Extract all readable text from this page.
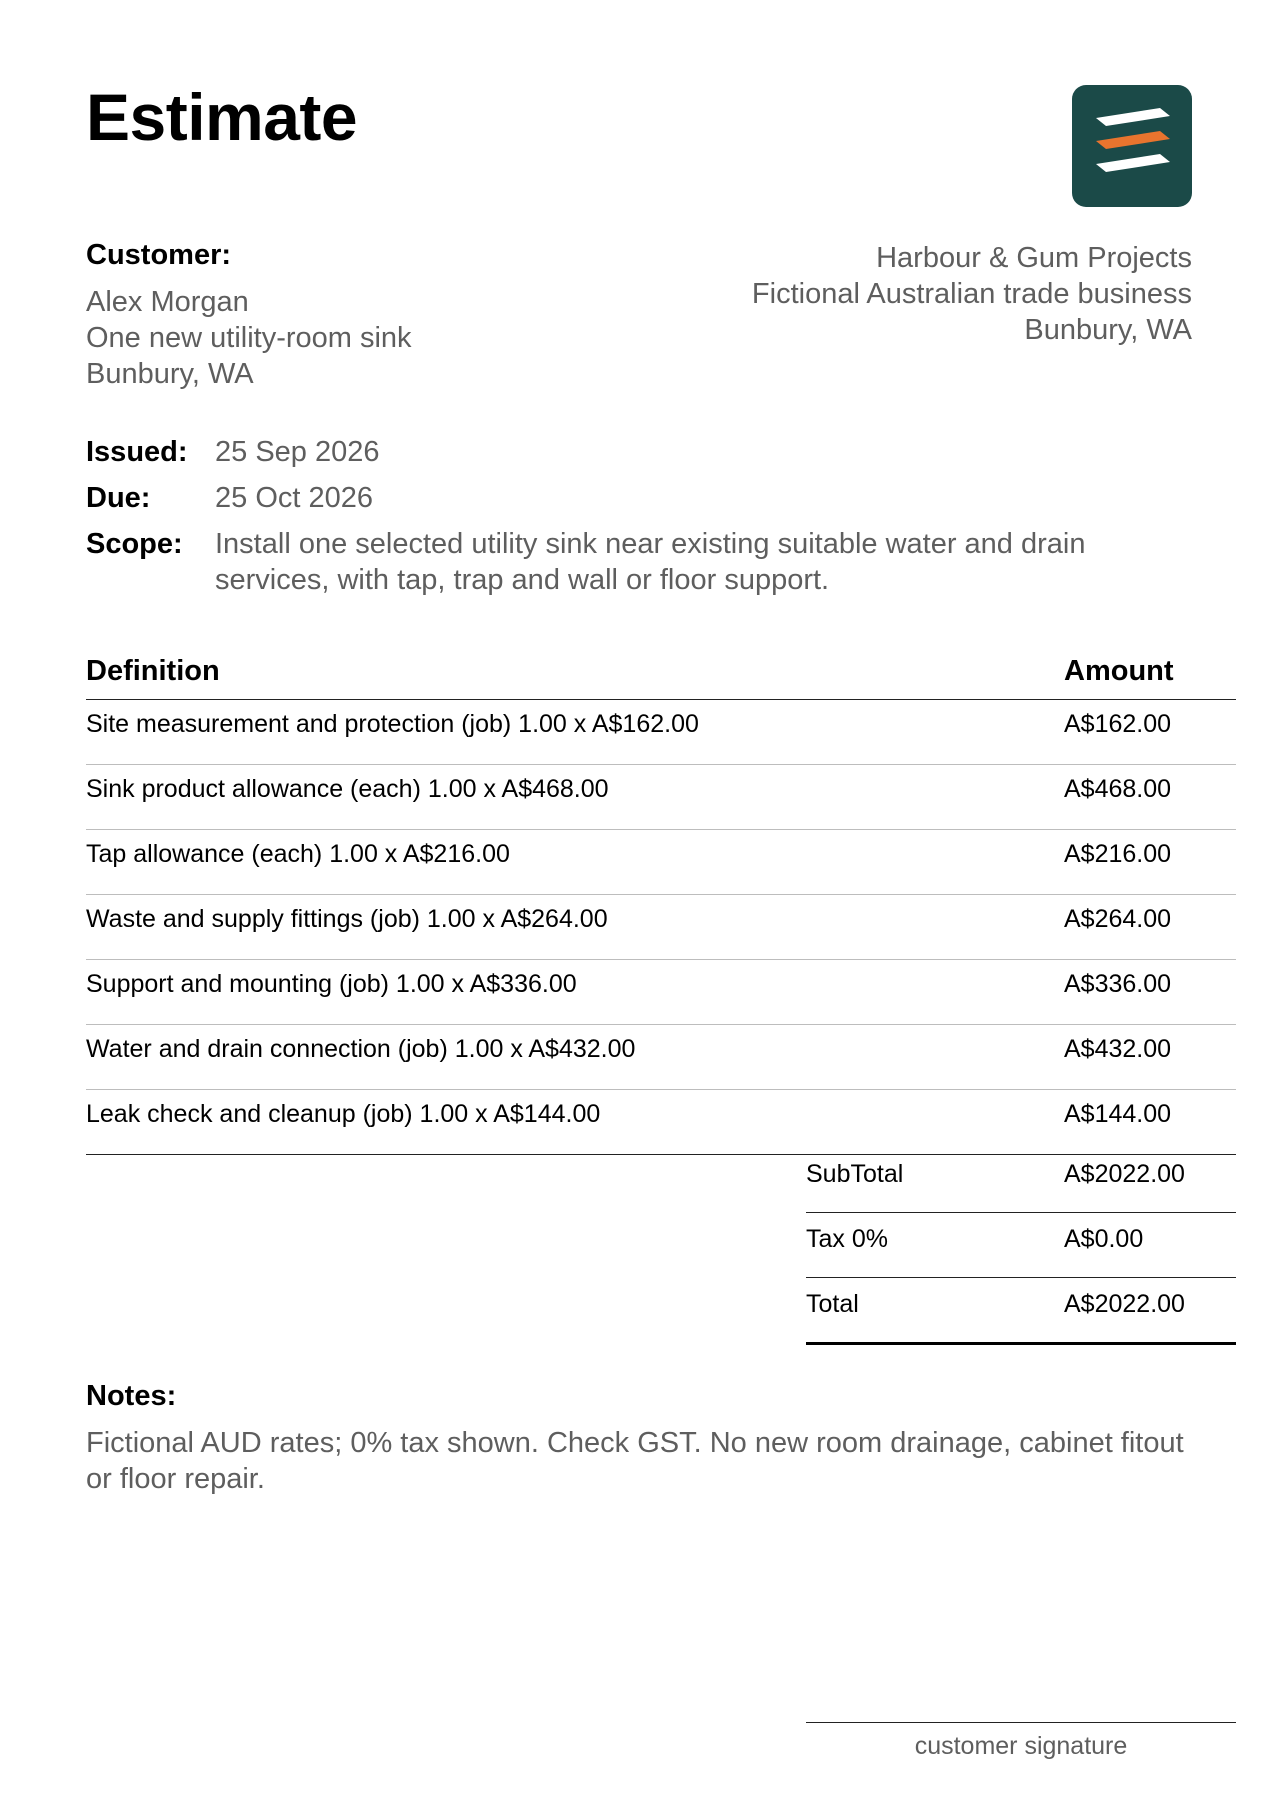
Estimate
Customer:
Alex Morgan
One new utility-room sink
Bunbury, WA
Harbour & Gum Projects
Fictional Australian trade business
Bunbury, WA
Issued: 25 Sep 2026
Due:	25 Oct 2026
Scope:	Install one selected utility sink near existing suitable water and drain services, with tap, trap and wall or floor support.
Definition	Amount
Site measurement and protection (job) 1.00 x A$162.00	A$162.00
Sink product allowance (each) 1.00 x A$468.00	A$468.00
Tap allowance (each) 1.00 x A$216.00	A$216.00
Waste and supply fittings (job) 1.00 x A$264.00	A$264.00
Support and mounting (job) 1.00 x A$336.00	A$336.00
Water and drain connection (job) 1.00 x A$432.00	A$432.00
Leak check and cleanup (job) 1.00 x A$144.00	A$144.00
SubTotal	A$2022.00
Tax 0%	A$0.00
Total	A$2022.00
Notes:
Fictional AUD rates; 0% tax shown. Check GST. No new room drainage, cabinet fitout or floor repair.
customer signature
